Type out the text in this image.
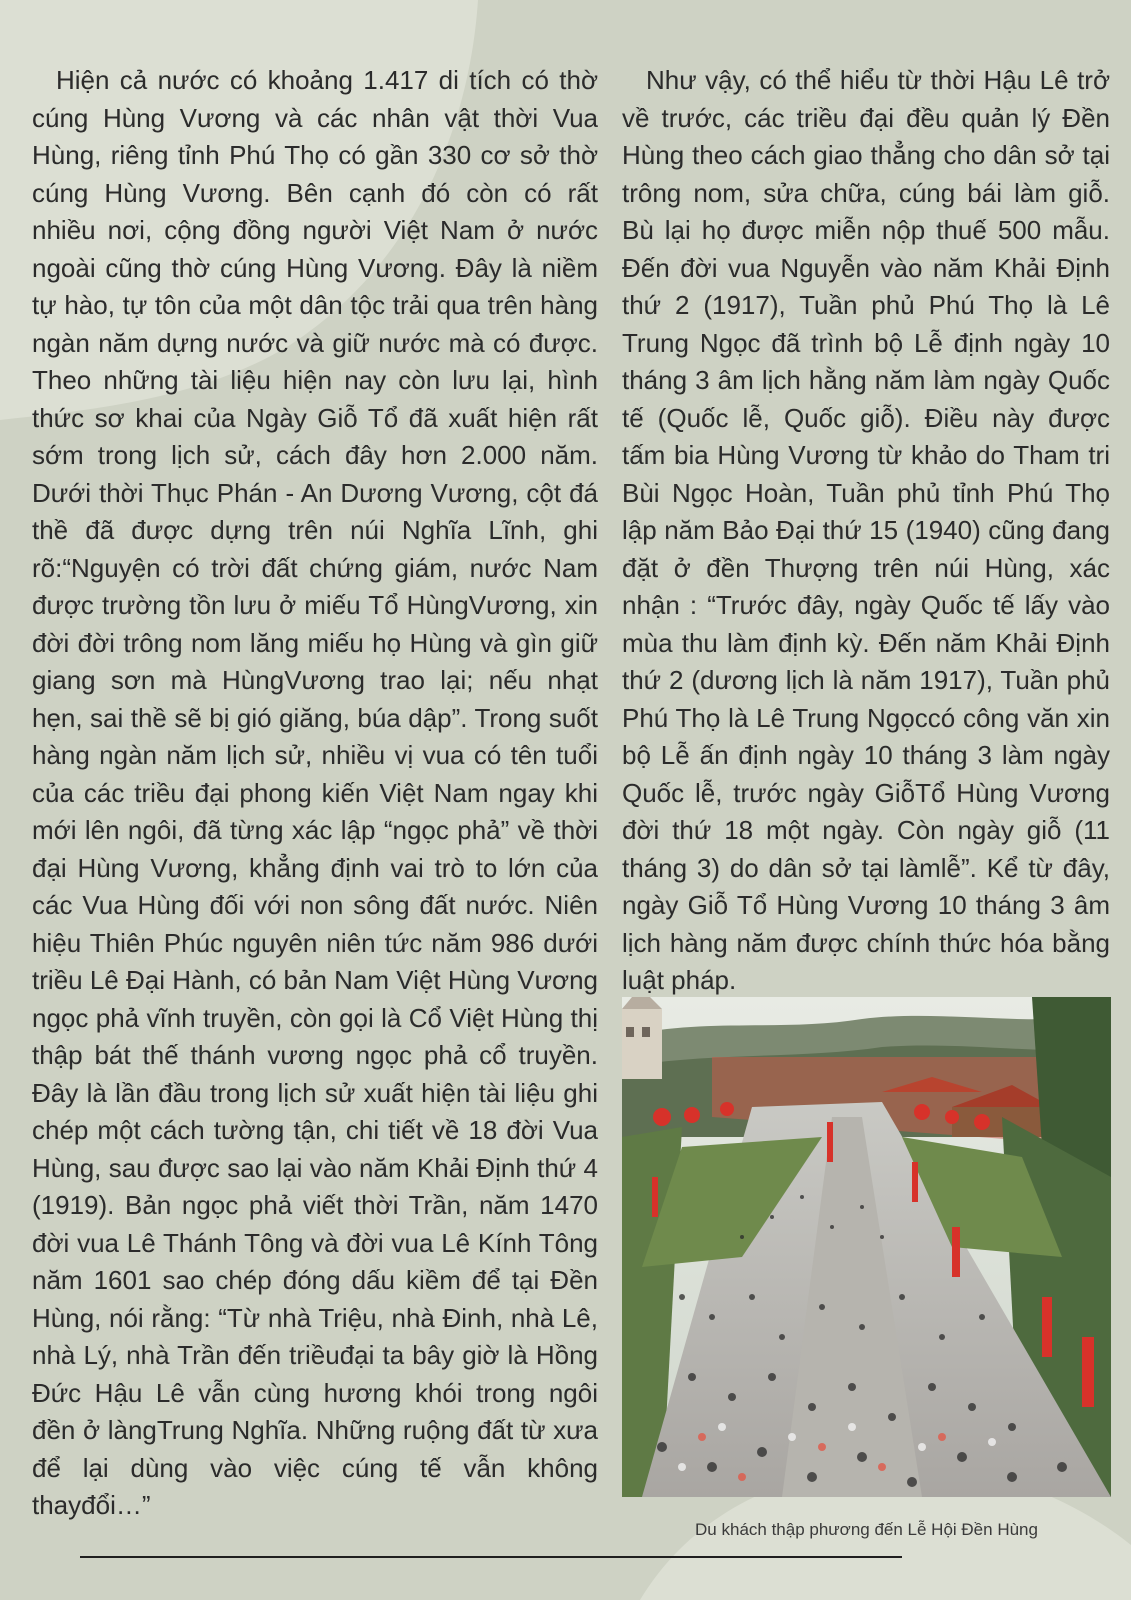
Hiện cả nước có khoảng 1.417 di tích có thờ cúng Hùng Vương và các nhân vật thời Vua Hùng, riêng tỉnh Phú Thọ có gần 330 cơ sở thờ cúng Hùng Vương. Bên cạnh đó còn có rất nhiều nơi, cộng đồng người Việt Nam ở nước ngoài cũng thờ cúng Hùng Vương. Đây là niềm tự hào, tự tôn của một dân tộc trải qua trên hàng ngàn năm dựng nước và giữ nước mà có được. Theo những tài liệu hiện nay còn lưu lại, hình thức sơ khai của Ngày Giỗ Tổ đã xuất hiện rất sớm trong lịch sử, cách đây hơn 2.000 năm. Dưới thời Thục Phán - An Dương Vương, cột đá thề đã được dựng trên núi Nghĩa Lĩnh, ghi rõ:“Nguyện có trời đất chứng giám, nước Nam được trường tồn lưu ở miếu Tổ HùngVương, xin đời đời trông nom lăng miếu họ Hùng và gìn giữ giang sơn mà HùngVương trao lại; nếu nhạt hẹn, sai thề sẽ bị gió giăng, búa dập”. Trong suốt hàng ngàn năm lịch sử, nhiều vị vua có tên tuổi của các triều đại phong kiến Việt Nam ngay khi mới lên ngôi, đã từng xác lập “ngọc phả” về thời đại Hùng Vương, khẳng định vai trò to lớn của các Vua Hùng đối với non sông đất nước. Niên hiệu Thiên Phúc nguyên niên tức năm 986 dưới triều Lê Đại Hành, có bản Nam Việt Hùng Vương ngọc phả vĩnh truyền, còn gọi là Cổ Việt Hùng thị thập bát thế thánh vương ngọc phả cổ truyền. Đây là lần đầu trong lịch sử xuất hiện tài liệu ghi chép một cách tường tận, chi tiết về 18 đời Vua Hùng, sau được sao lại vào năm Khải Định thứ 4 (1919). Bản ngọc phả viết thời Trần, năm 1470 đời vua Lê Thánh Tông và đời vua Lê Kính Tông năm 1601 sao chép đóng dấu kiềm để tại Đền Hùng, nói rằng: “Từ nhà Triệu, nhà Đinh, nhà Lê, nhà Lý, nhà Trần đến triềuđại ta bây giờ là Hồng Đức Hậu Lê vẫn cùng hương khói trong ngôi đền ở làngTrung Nghĩa. Những ruộng đất từ xưa để lại dùng vào việc cúng tế vẫn không thayđổi…”

Như vậy, có thể hiểu từ thời Hậu Lê trở về trước, các triều đại đều quản lý Đền Hùng theo cách giao thẳng cho dân sở tại trông nom, sửa chữa, cúng bái làm giỗ. Bù lại họ được miễn nộp thuế 500 mẫu. Đến đời vua Nguyễn vào năm Khải Định thứ 2 (1917), Tuần phủ Phú Thọ là Lê Trung Ngọc đã trình bộ Lễ định ngày 10 tháng 3 âm lịch hằng năm làm ngày Quốc tế (Quốc lễ, Quốc giỗ). Điều này được tấm bia Hùng Vương từ khảo do Tham tri Bùi Ngọc Hoàn, Tuần phủ tỉnh Phú Thọ lập năm Bảo Đại thứ 15 (1940) cũng đang đặt ở đền Thượng trên núi Hùng, xác nhận : “Trước đây, ngày Quốc tế lấy vào mùa thu làm định kỳ. Đến năm Khải Định thứ 2 (dương lịch là năm 1917), Tuần phủ Phú Thọ là Lê Trung Ngọccó công văn xin bộ Lễ ấn định ngày 10 tháng 3 làm ngày Quốc lễ, trước ngày GiỗTổ Hùng Vương đời thứ 18 một ngày. Còn ngày giỗ (11 tháng 3) do dân sở tại làmlễ”. Kể từ đây, ngày Giỗ Tổ Hùng Vương 10 tháng 3 âm lịch hàng năm được chính thức hóa bằng luật pháp.

Du khách thập phương đến Lễ Hội Đền Hùng
